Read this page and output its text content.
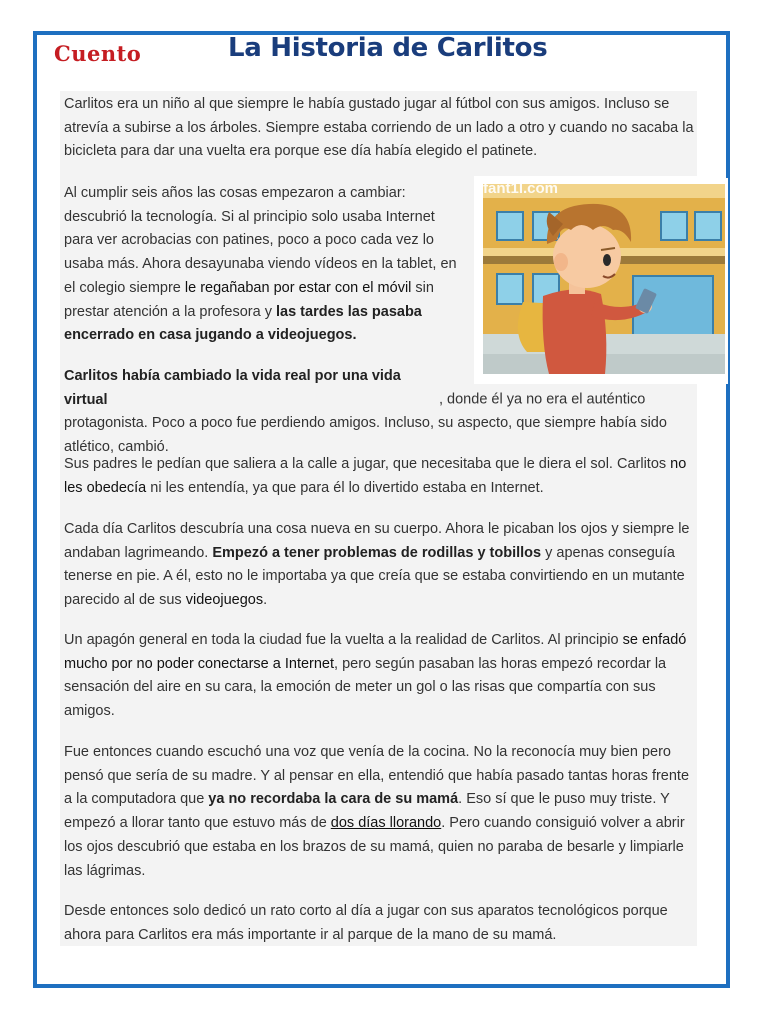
Cuento	La Historia de Carlitos

Carlitos era un niño al que siempre le había gustado jugar al fútbol con sus amigos. Incluso se atrevía a subirse a los árboles. Siempre estaba corriendo de un lado a otro y cuando no sacaba la bicicleta para dar una vuelta era porque ese día había elegido el patinete.

Al cumplir seis años las cosas empezaron a cambiar: descubrió la tecnología. Si al principio solo usaba Internet para ver acrobacias con patines, poco a poco cada vez lo usaba más. Ahora desayunaba viendo vídeos en la tablet, en el colegio siempre le regañaban por estar con el móvil sin prestar atención a la profesora y las tardes las pasaba encerrado en casa jugando a videojuegos.

fant1l.com

Carlitos había cambiado la vida real por una vida virtual	, donde él ya no era el auténtico protagonista. Poco a poco fue perdiendo amigos. Incluso, su aspecto, que siempre había sido atlético, cambió.

Sus padres le pedían que saliera a la calle a jugar, que necesitaba que le diera el sol. Carlitos no les obedecía ni les entendía, ya que para él lo divertido estaba en Internet.

Cada día Carlitos descubría una cosa nueva en su cuerpo. Ahora le picaban los ojos y siempre le andaban lagrimeando. Empezó a tener problemas de rodillas y tobillos y apenas conseguía tenerse en pie. A él, esto no le importaba ya que creía que se estaba convirtiendo en un mutante parecido al de sus videojuegos.

Un apagón general en toda la ciudad fue la vuelta a la realidad de Carlitos. Al principio se enfadó mucho por no poder conectarse a Internet, pero según pasaban las horas empezó recordar la sensación del aire en su cara, la emoción de meter un gol o las risas que compartía con sus amigos.

Fue entonces cuando escuchó una voz que venía de la cocina. No la reconocía muy bien pero pensó que sería de su madre. Y al pensar en ella, entendió que había pasado tantas horas frente a la computadora que ya no recordaba la cara de su mamá. Eso sí que le puso muy triste. Y empezó a llorar tanto que estuvo más de dos días llorando. Pero cuando consiguió volver a abrir los ojos descubrió que estaba en los brazos de su mamá, quien no paraba de besarle y limpiarle las lágrimas.

Desde entonces solo dedicó un rato corto al día a jugar con sus aparatos tecnológicos porque ahora para Carlitos era más importante ir al parque de la mano de su mamá.
